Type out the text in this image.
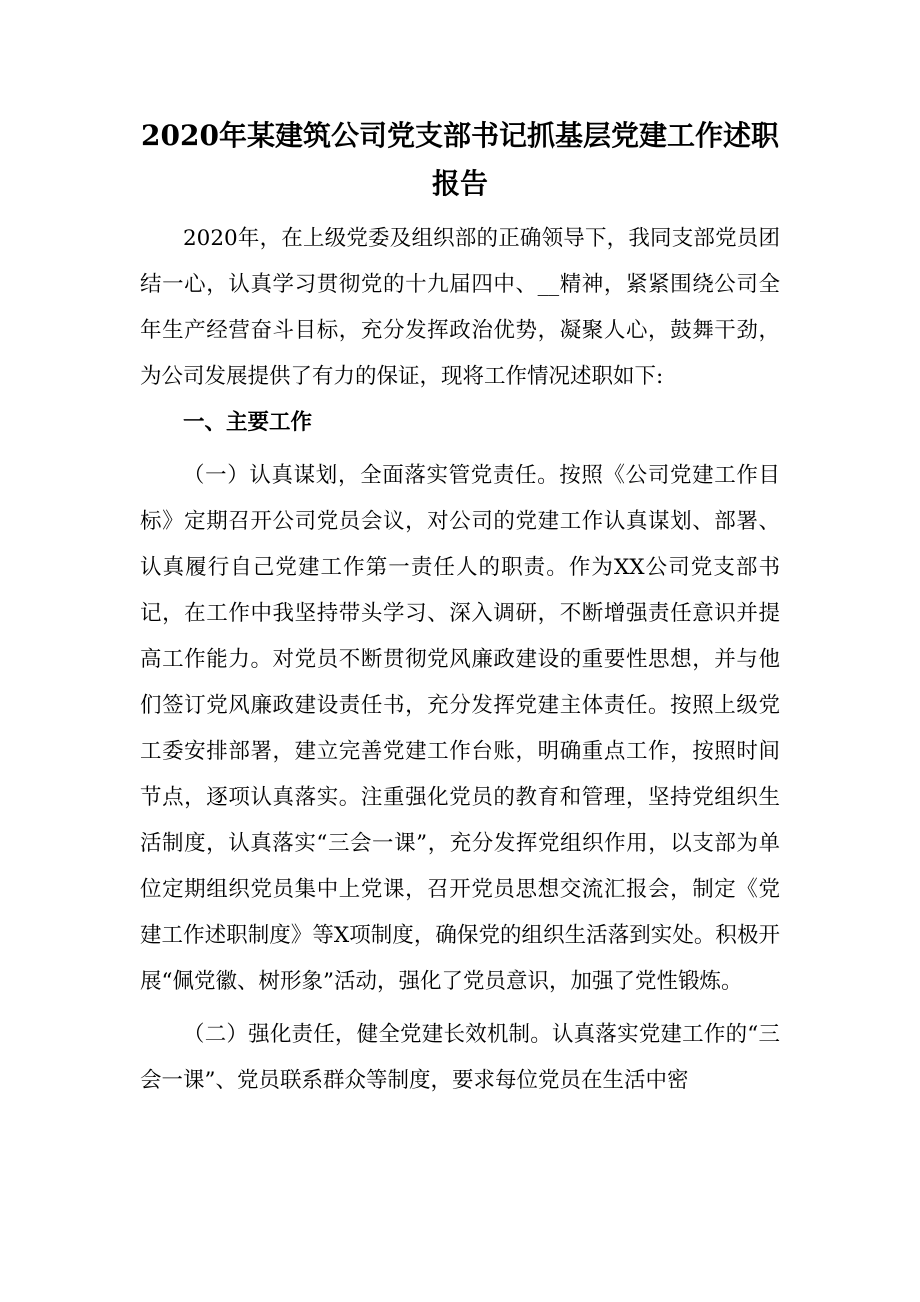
2020年某建筑公司党支部书记抓基层党建工作述职
报告

2020年，在上级党委及组织部的正确领导下，我同支部党员团结一心，认真学习贯彻党的十九届四中、__精神，紧紧围绕公司全年生产经营奋斗目标，充分发挥政治优势，凝聚人心，鼓舞干劲，为公司发展提供了有力的保证，现将工作情况述职如下:

一、主要工作

（一）认真谋划，全面落实管党责任。按照《公司党建工作目标》定期召开公司党员会议，对公司的党建工作认真谋划、部署、认真履行自己党建工作第一责任人的职责。作为XX公司党支部书记，在工作中我坚持带头学习、深入调研，不断增强责任意识并提高工作能力。对党员不断贯彻党风廉政建设的重要性思想，并与他们签订党风廉政建设责任书，充分发挥党建主体责任。按照上级党工委安排部署，建立完善党建工作台账，明确重点工作，按照时间节点，逐项认真落实。注重强化党员的教育和管理，坚持党组织生活制度，认真落实“三会一课”，充分发挥党组织作用，以支部为单位定期组织党员集中上党课，召开党员思想交流汇报会，制定《党建工作述职制度》等X项制度，确保党的组织生活落到实处。积极开展“佩党徽、树形象”活动，强化了党员意识，加强了党性锻炼。

（二）强化责任，健全党建长效机制。认真落实党建工作的“三会一课”、党员联系群众等制度，要求每位党员在生活中密
